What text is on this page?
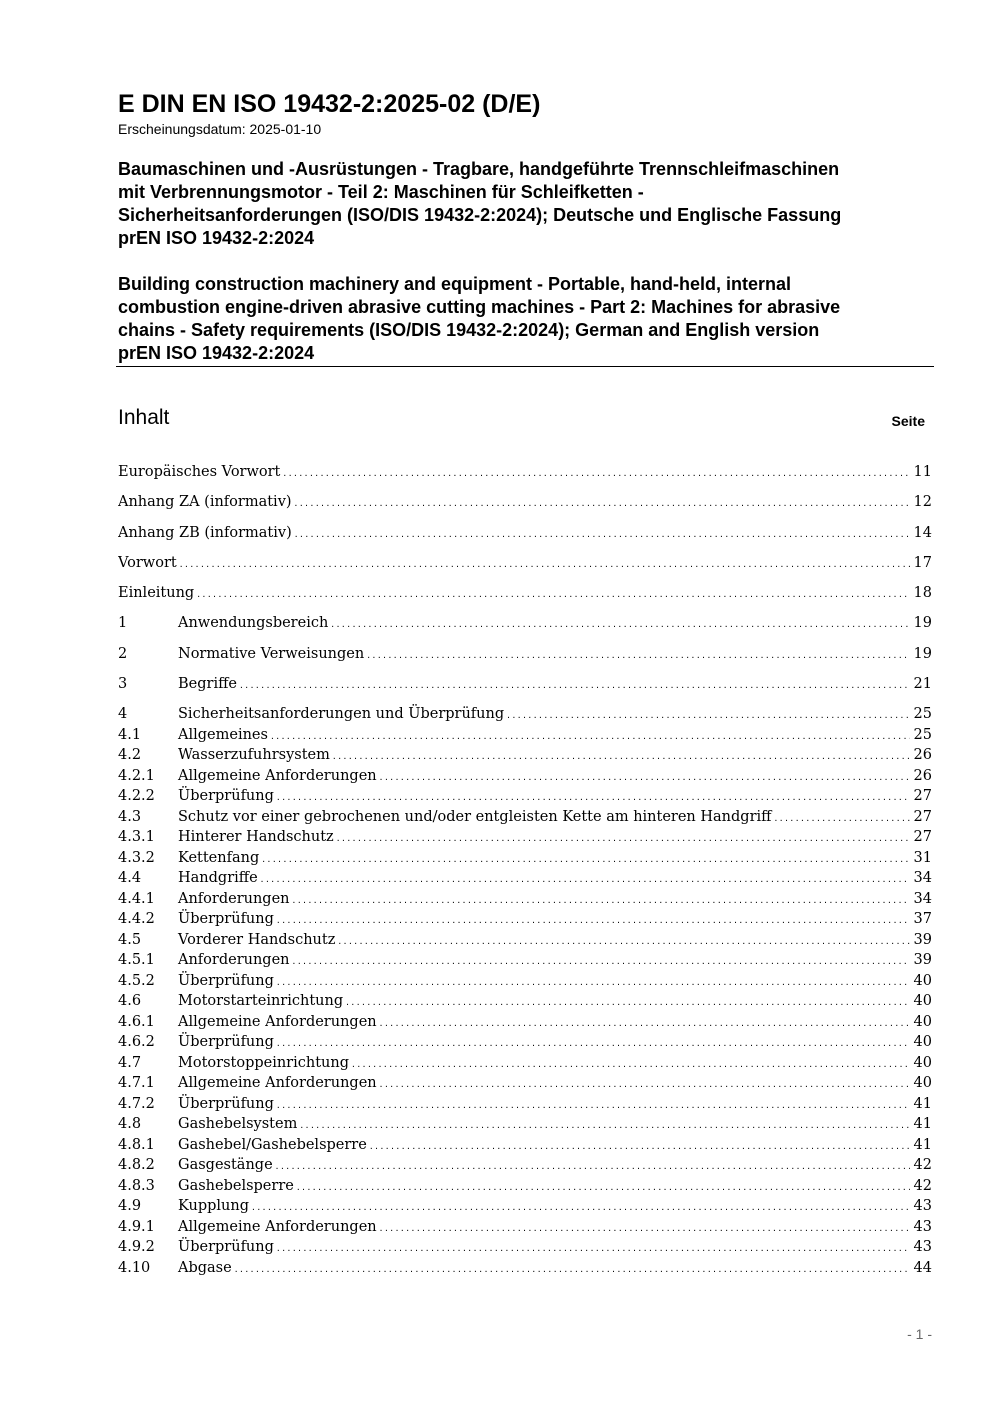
E DIN EN ISO 19432-2:2025-02 (D/E)
Erscheinungsdatum: 2025-01-10
Baumaschinen und -Ausrüstungen - Tragbare, handgeführte Trennschleifmaschinen
mit Verbrennungsmotor - Teil 2: Maschinen für Schleifketten -
Sicherheitsanforderungen (ISO/DIS 19432-2:2024); Deutsche und Englische Fassung
prEN ISO 19432-2:2024
Building construction machinery and equipment - Portable, hand-held, internal
combustion engine-driven abrasive cutting machines - Part 2: Machines for abrasive
chains - Safety requirements (ISO/DIS 19432-2:2024); German and English version
prEN ISO 19432-2:2024
Inhalt	Seite
Europäisches Vorwort .....	11
Anhang ZA (informativ) .....	12
Anhang ZB (informativ) .....	14
Vorwort .....	17
Einleitung .....	18
1	Anwendungsbereich .....	19
2	Normative Verweisungen .....	19
3	Begriffe .....	21
4	Sicherheitsanforderungen und Überprüfung .....	25
4.1	Allgemeines .....	25
4.2	Wasserzufuhrsystem .....	26
4.2.1	Allgemeine Anforderungen .....	26
4.2.2	Überprüfung .....	27
4.3	Schutz vor einer gebrochenen und/oder entgleisten Kette am hinteren Handgriff .....	27
4.3.1	Hinterer Handschutz .....	27
4.3.2	Kettenfang .....	31
4.4	Handgriffe .....	34
4.4.1	Anforderungen .....	34
4.4.2	Überprüfung .....	37
4.5	Vorderer Handschutz .....	39
4.5.1	Anforderungen .....	39
4.5.2	Überprüfung .....	40
4.6	Motorstarteinrichtung .....	40
4.6.1	Allgemeine Anforderungen .....	40
4.6.2	Überprüfung .....	40
4.7	Motorstoppeinrichtung .....	40
4.7.1	Allgemeine Anforderungen .....	40
4.7.2	Überprüfung .....	41
4.8	Gashebelsystem .....	41
4.8.1	Gashebel/Gashebelsperre .....	41
4.8.2	Gasgestänge .....	42
4.8.3	Gashebelsperre .....	42
4.9	Kupplung .....	43
4.9.1	Allgemeine Anforderungen .....	43
4.9.2	Überprüfung .....	43
4.10	Abgase .....	44
- 1 -
